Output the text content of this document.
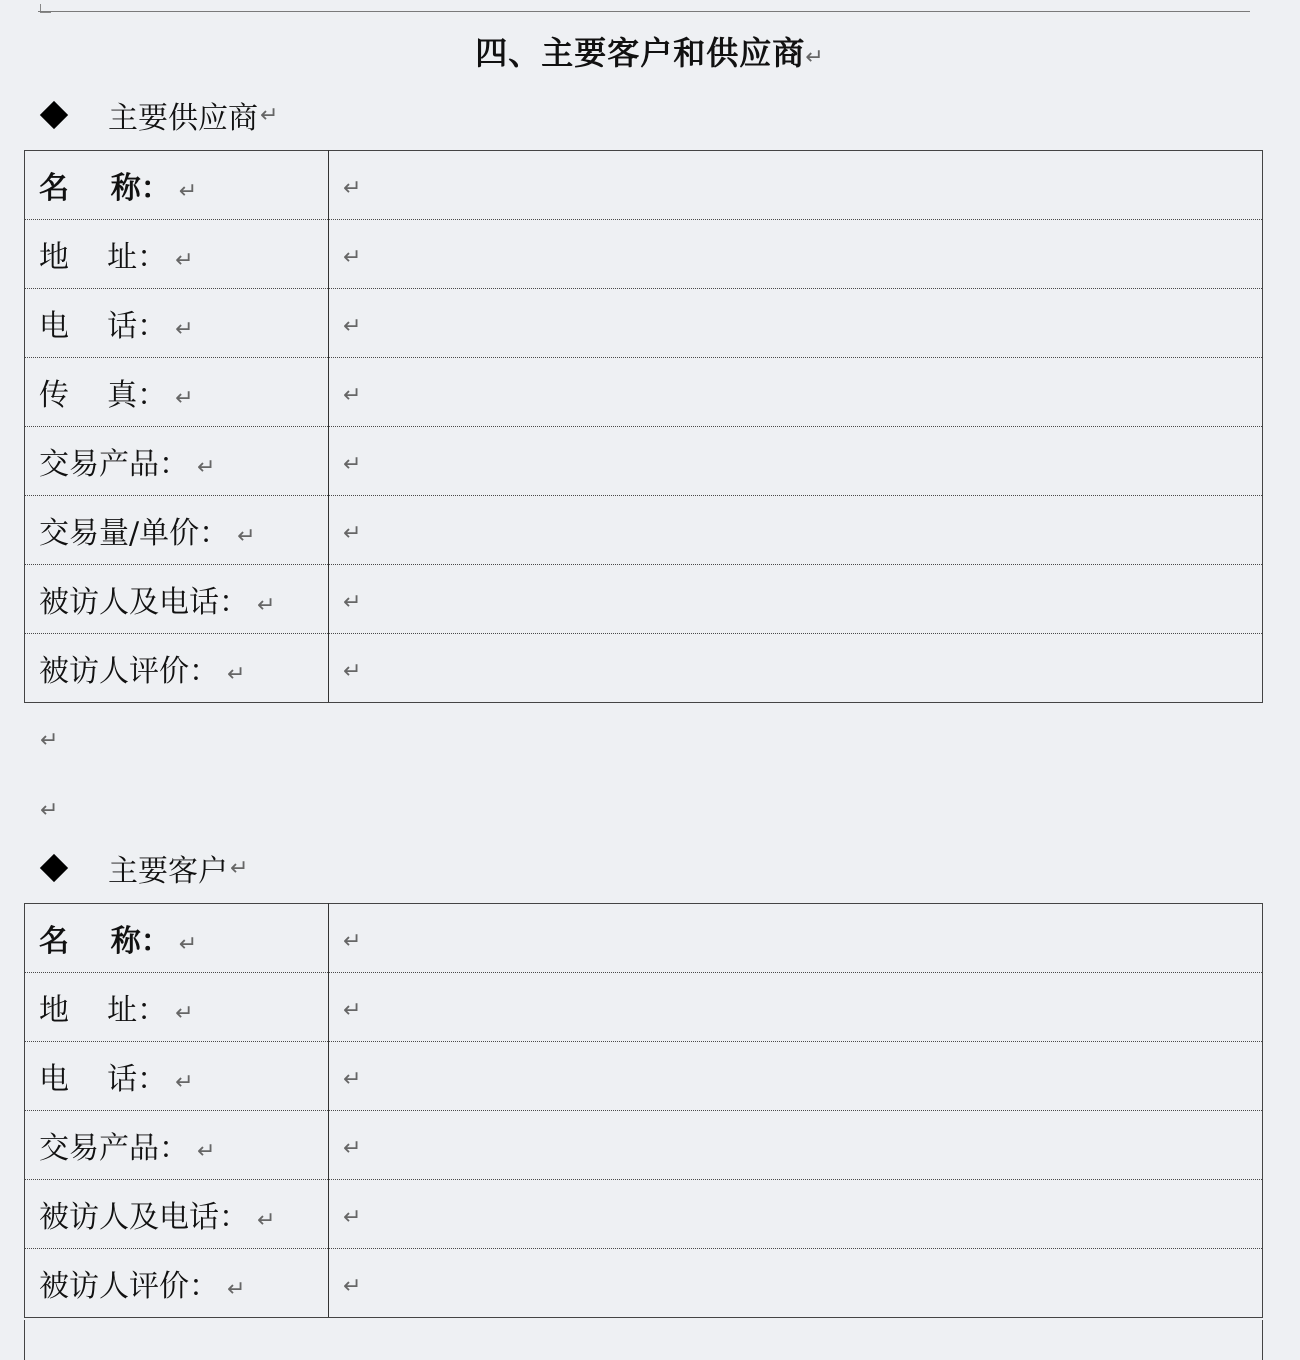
四、主要客户和供应商↵
主要供应商 ↵
名    称： ↵	↵
地    址： ↵	↵
电    话： ↵	↵
传    真： ↵	↵
交易产品： ↵	↵
交易量/单价： ↵	↵
被访人及电话： ↵	↵
被访人评价： ↵	↵
↵
↵
主要客户 ↵
名    称： ↵	↵
地    址： ↵	↵
电    话： ↵	↵
交易产品： ↵	↵
被访人及电话： ↵	↵
被访人评价： ↵	↵
